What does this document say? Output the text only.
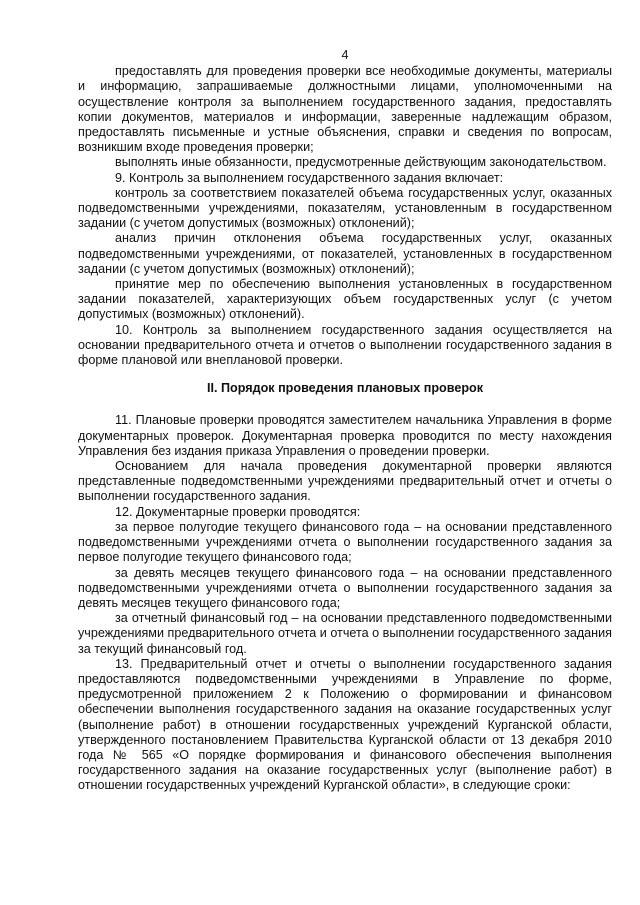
4

предоставлять для проведения проверки все необходимые документы, материалы и информацию, запрашиваемые должностными лицами, уполномоченными на осуществление контроля за выполнением государственного задания, предоставлять копии документов, материалов и информации, заверенные надлежащим образом, предоставлять письменные и устные объяснения, справки и сведения по вопросам, возникшим входе проведения проверки;

выполнять иные обязанности, предусмотренные действующим законодательством.

9. Контроль за выполнением государственного задания включает:

контроль за соответствием показателей объема государственных услуг, оказанных подведомственными учреждениями, показателям, установленным в государственном задании (с учетом допустимых (возможных) отклонений);

анализ причин отклонения объема государственных услуг, оказанных подведомственными учреждениями, от показателей, установленных в государственном задании (с учетом допустимых (возможных) отклонений);

принятие мер по обеспечению выполнения установленных в государственном задании показателей, характеризующих объем государственных услуг (с учетом допустимых (возможных) отклонений).

10. Контроль за выполнением государственного задания осуществляется на основании предварительного отчета и отчетов о выполнении государственного задания в форме плановой или внеплановой проверки.

II. Порядок проведения плановых проверок

11. Плановые проверки проводятся заместителем начальника Управления в форме документарных проверок. Документарная проверка проводится по месту нахождения Управления без издания приказа Управления о проведении проверки.

Основанием для начала проведения документарной проверки являются представленные подведомственными учреждениями предварительный отчет и отчеты о выполнении государственного задания.

12. Документарные проверки проводятся:

за первое полугодие текущего финансового года – на основании представленного подведомственными учреждениями отчета о выполнении государственного задания за первое полугодие текущего финансового года;

за девять месяцев текущего финансового года – на основании представленного подведомственными учреждениями отчета о выполнении государственного задания за девять месяцев текущего финансового года;

за отчетный финансовый год – на основании представленного подведомственными учреждениями предварительного отчета и отчета о выполнении государственного задания за текущий финансовый год.

13. Предварительный отчет и отчеты о выполнении государственного задания предоставляются подведомственными учреждениями в Управление по форме, предусмотренной приложением 2 к Положению о формировании и финансовом обеспечении выполнения государственного задания на оказание государственных услуг (выполнение работ) в отношении государственных учреждений Курганской области, утвержденного постановлением Правительства Курганской области от 13 декабря 2010 года № 565 «О порядке формирования и финансового обеспечения выполнения государственного задания на оказание государственных услуг (выполнение работ) в отношении государственных учреждений Курганской области», в следующие сроки:
